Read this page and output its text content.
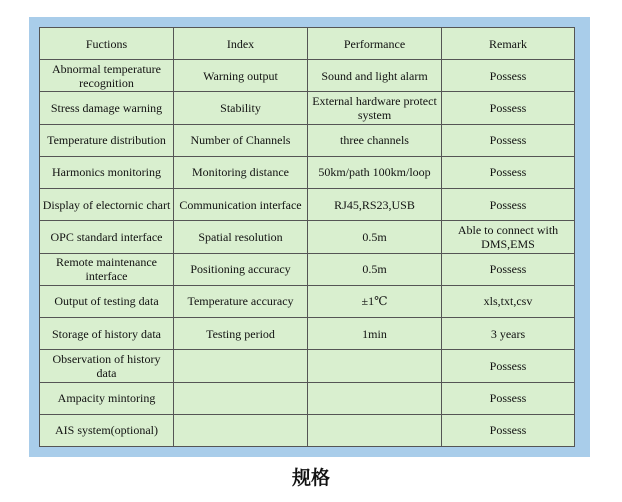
Fuctions	Index	Performance	Remark
Abnormal temperature recognition	Warning output	Sound and light alarm	Possess
Stress damage warning	Stability	External hardware protect system	Possess
Temperature distribution	Number of Channels	three channels	Possess
Harmonics monitoring	Monitoring distance	50km/path 100km/loop	Possess
Display of electornic chart	Communication interface	RJ45,RS23,USB	Possess
OPC standard interface	Spatial resolution	0.5m	Able to connect with DMS,EMS
Remote maintenance interface	Positioning accuracy	0.5m	Possess
Output of testing data	Temperature accuracy	±1℃	xls,txt,csv
Storage of history data	Testing period	1min	3 years
Observation of history data			Possess
Ampacity mintoring			Possess
AIS system(optional)			Possess
规格
